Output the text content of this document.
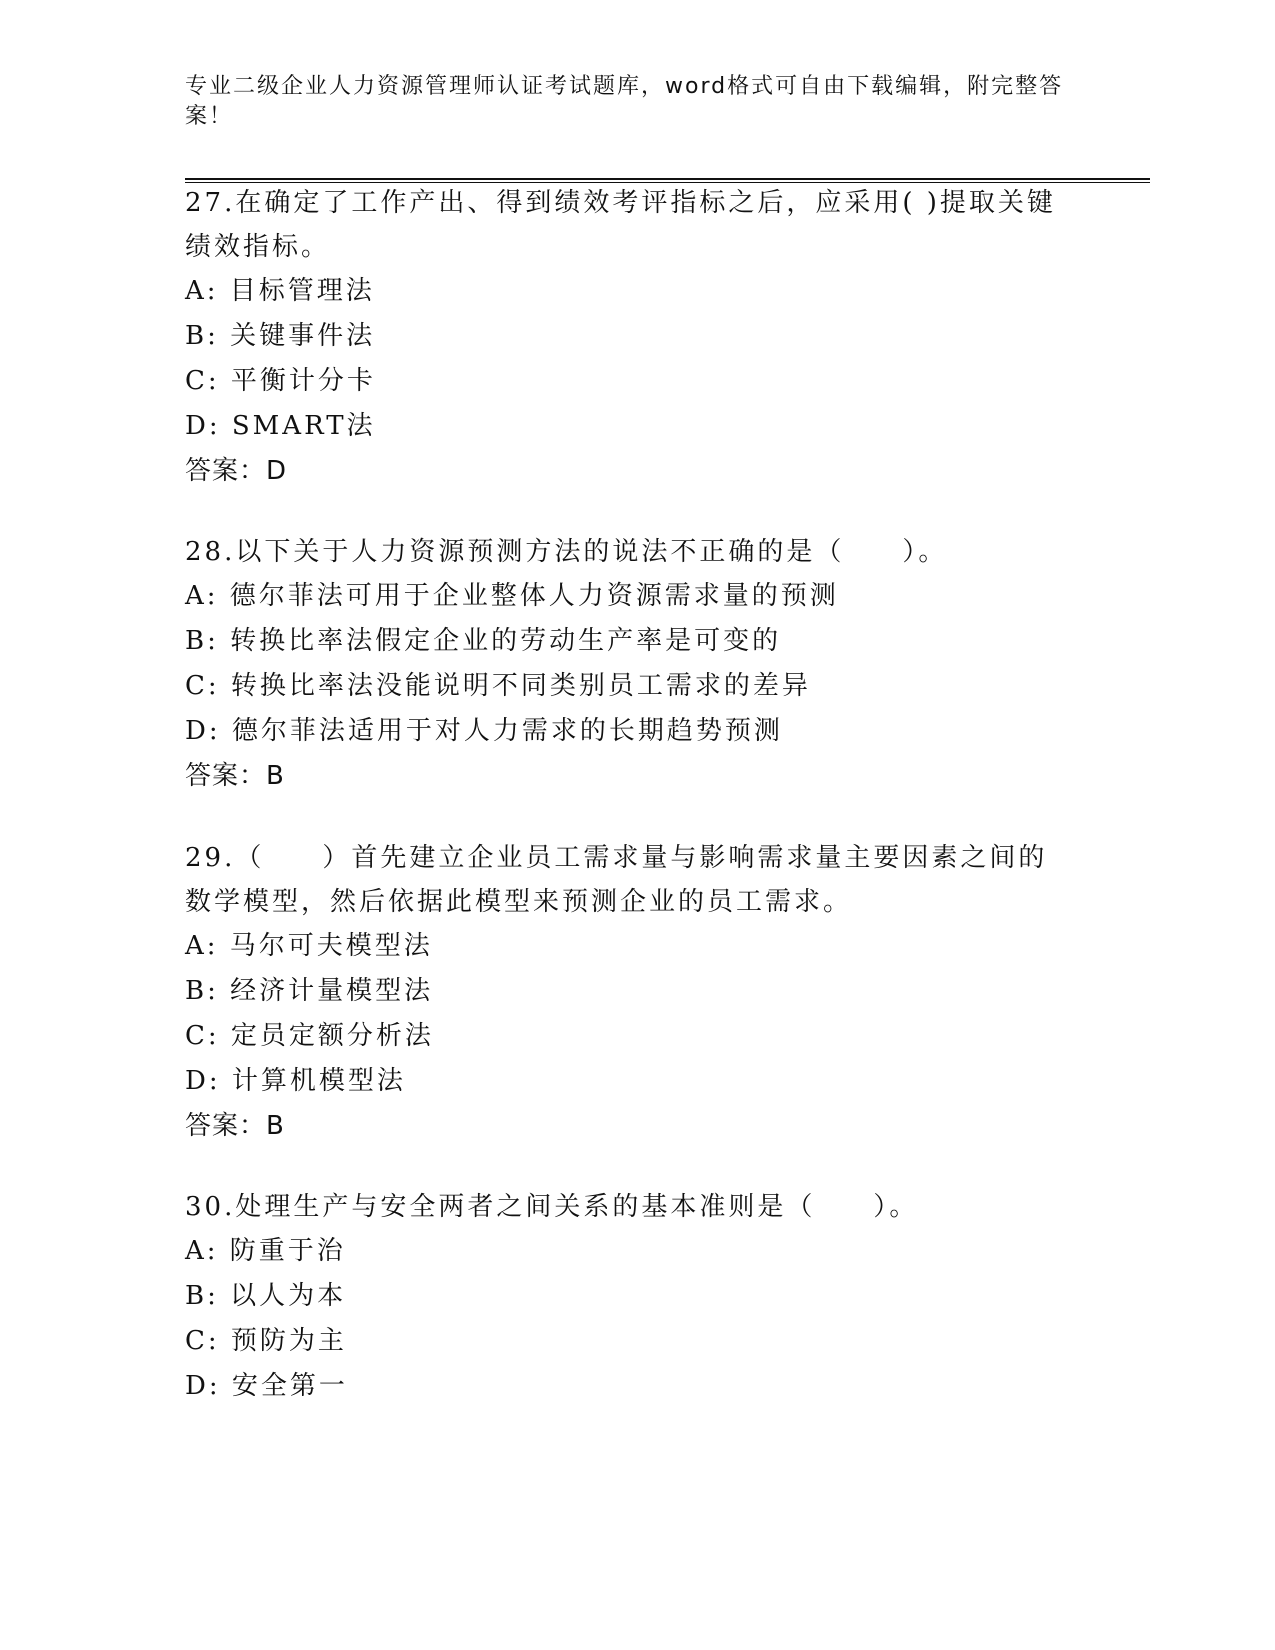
专业二级企业人力资源管理师认证考试题库，word格式可自由下载编辑，附完整答案！

27.在确定了工作产出、得到绩效考评指标之后，应采用( )提取关键绩效指标。

A: 目标管理法

B: 关键事件法

C: 平衡计分卡

D: SMART法

答案：D

28.以下关于人力资源预测方法的说法不正确的是（　　）。

A: 德尔菲法可用于企业整体人力资源需求量的预测

B: 转换比率法假定企业的劳动生产率是可变的

C: 转换比率法没能说明不同类别员工需求的差异

D: 德尔菲法适用于对人力需求的长期趋势预测

答案：B

29.（　　）首先建立企业员工需求量与影响需求量主要因素之间的数学模型，然后依据此模型来预测企业的员工需求。

A: 马尔可夫模型法

B: 经济计量模型法

C: 定员定额分析法

D: 计算机模型法

答案：B

30.处理生产与安全两者之间关系的基本准则是（　　）。

A: 防重于治

B: 以人为本

C: 预防为主

D: 安全第一
